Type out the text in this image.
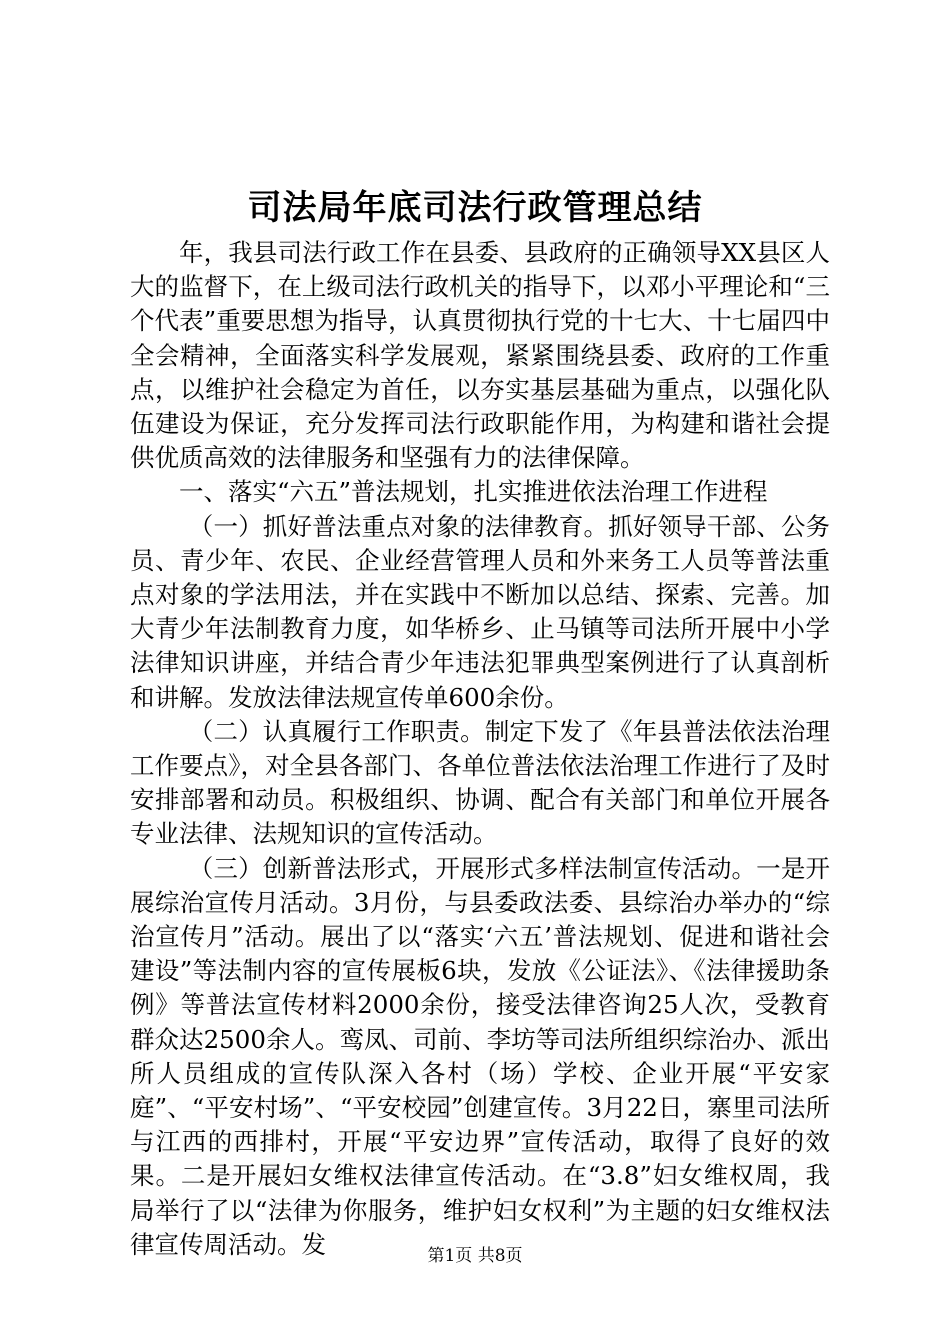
司法局年底司法行政管理总结

年，我县司法行政工作在县委、县政府的正确领导XX县区人大的监督下，在上级司法行政机关的指导下，以邓小平理论和“三个代表”重要思想为指导，认真贯彻执行党的十七大、十七届四中全会精神，全面落实科学发展观，紧紧围绕县委、政府的工作重点，以维护社会稳定为首任，以夯实基层基础为重点，以强化队伍建设为保证，充分发挥司法行政职能作用，为构建和谐社会提供优质高效的法律服务和坚强有力的法律保障。

一、落实“六五”普法规划，扎实推进依法治理工作进程

（一）抓好普法重点对象的法律教育。抓好领导干部、公务员、青少年、农民、企业经营管理人员和外来务工人员等普法重点对象的学法用法，并在实践中不断加以总结、探索、完善。加大青少年法制教育力度，如华桥乡、止马镇等司法所开展中小学法律知识讲座，并结合青少年违法犯罪典型案例进行了认真剖析和讲解。发放法律法规宣传单600余份。

（二）认真履行工作职责。制定下发了《年县普法依法治理工作要点》，对全县各部门、各单位普法依法治理工作进行了及时安排部署和动员。积极组织、协调、配合有关部门和单位开展各专业法律、法规知识的宣传活动。

（三）创新普法形式，开展形式多样法制宣传活动。一是开展综治宣传月活动。3月份，与县委政法委、县综治办举办的“综治宣传月”活动。展出了以“落实‘六五’普法规划、促进和谐社会建设”等法制内容的宣传展板6块，发放《公证法》、《法律援助条例》等普法宣传材料2000余份，接受法律咨询25人次，受教育群众达2500余人。鸾凤、司前、李坊等司法所组织综治办、派出所人员组成的宣传队深入各村（场）学校、企业开展“平安家庭”、“平安村场”、“平安校园”创建宣传。3月22日，寨里司法所与江西的西排村，开展“平安边界”宣传活动，取得了良好的效果。二是开展妇女维权法律宣传活动。在“3.8”妇女维权周，我局举行了以“法律为你服务，维护妇女权利”为主题的妇女维权法律宣传周活动。发	第1页 共8页
